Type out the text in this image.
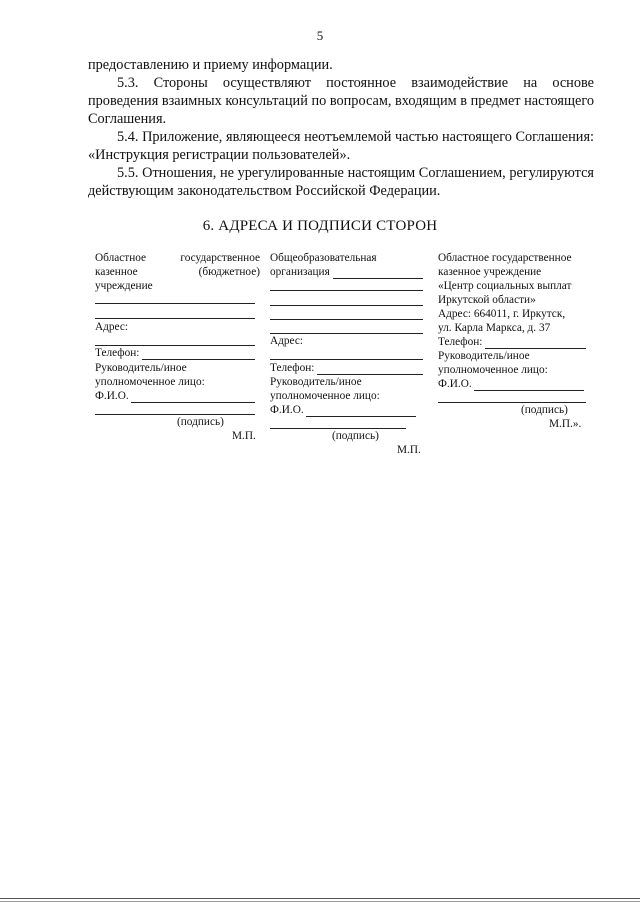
5

предоставлению и приему информации.

5.3. Стороны осуществляют постоянное взаимодействие на основе проведения взаимных консультаций по вопросам, входящим в предмет настоящего Соглашения.

5.4. Приложение, являющееся неотъемлемой частью настоящего Соглашения: «Инструкция регистрации пользователей».

5.5. Отношения, не урегулированные настоящим Соглашением, регулируются действующим законодательством Российской Федерации.

6. АДРЕСА И ПОДПИСИ СТОРОН
Областное	государственное
казенное	(бюджетное)
учреждение
Адрес:
Телефон:
Руководитель/иное
уполномоченное лицо:
Ф.И.О.
(подпись)
М.П.
Общеобразовательная
организация
Адрес:
Телефон:
Руководитель/иное
уполномоченное лицо:
Ф.И.О.
(подпись)
М.П.
Областное государственное
казенное учреждение
«Центр социальных выплат
Иркутской области»
Адрес: 664011, г. Иркутск,
ул. Карла Маркса, д. 37
Телефон:
Руководитель/иное
уполномоченное лицо:
Ф.И.О.
(подпись)
М.П.».
